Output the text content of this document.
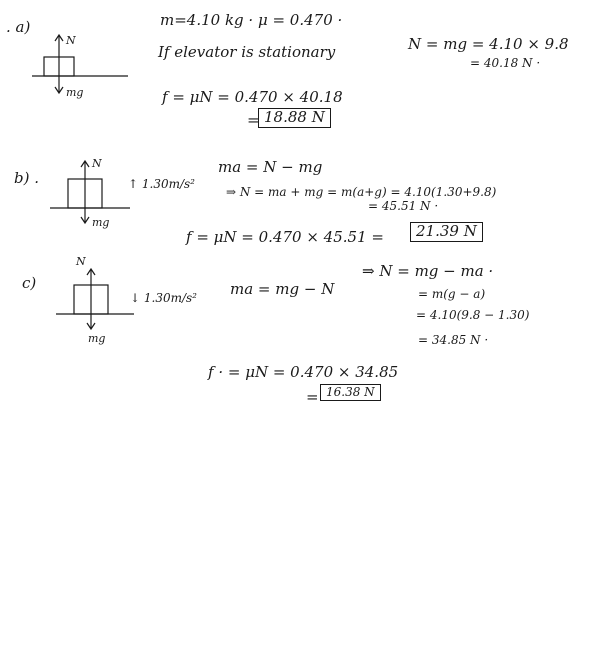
. a)
N
mg
m=4.10 kg · μ = 0.470 ·
If elevator is stationary	N = mg = 4.10 × 9.8
= 40.18 N ·
f = μN = 0.470 × 40.18
= 18.88 N
b) .
N
mg
↑ 1.30m/s²
ma = N − mg
⇒ N = ma + mg = m(a+g) = 4.10(1.30+9.8)
= 45.51 N ·
f = μN = 0.470 × 45.51 =	21.39 N
c)
N
mg
↓ 1.30m/s² ma = mg − N
⇒ N = mg − ma ·
= m(g − a)
= 4.10(9.8 − 1.30)
= 34.85 N ·
f · = μN = 0.470 × 34.85
= 16.38 N
